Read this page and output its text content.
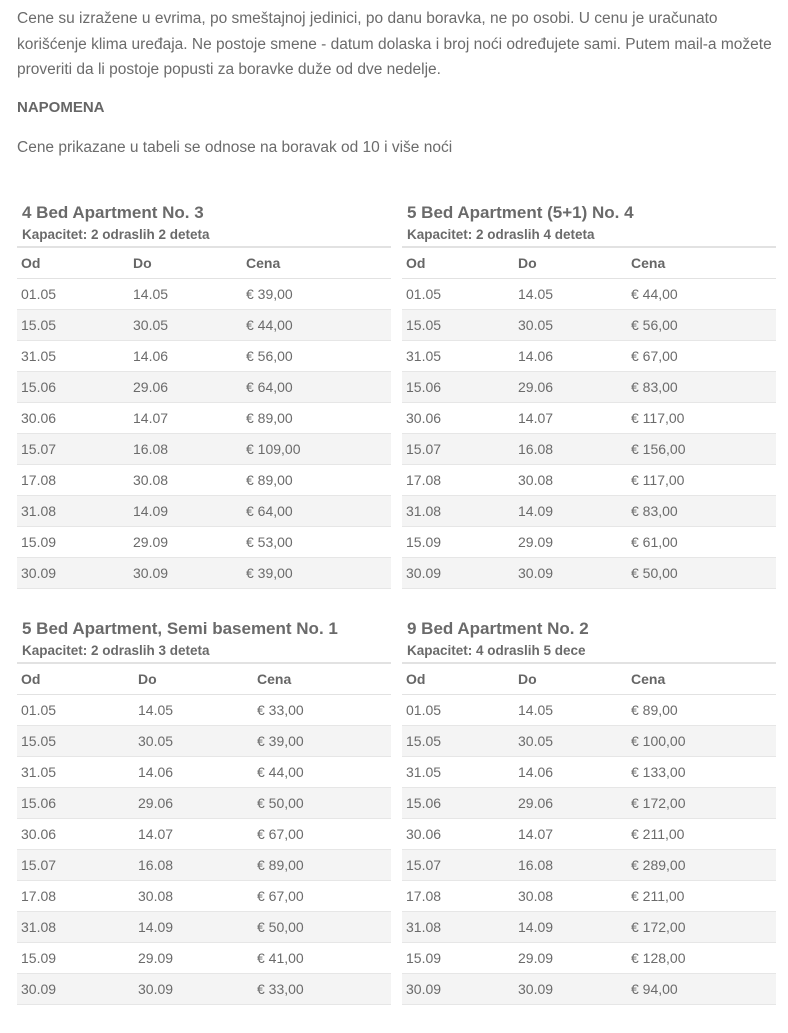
Cene su izražene u evrima, po smeštajnoj jedinici, po danu boravka, ne po osobi. U cenu je uračunato korišćenje klima uređaja. Ne postoje smene - datum dolaska i broj noći određujete sami. Putem mail-a možete proveriti da li postoje popusti za boravke duže od dve nedelje.

NAPOMENA

Cene prikazane u tabeli se odnose na boravak od 10 i više noći

4 Bed Apartment No. 3
Kapacitet: 2 odraslih 2 deteta
Od	Do	Cena
01.05	14.05	€ 39,00
15.05	30.05	€ 44,00
31.05	14.06	€ 56,00
15.06	29.06	€ 64,00
30.06	14.07	€ 89,00
15.07	16.08	€ 109,00
17.08	30.08	€ 89,00
31.08	14.09	€ 64,00
15.09	29.09	€ 53,00
30.09	30.09	€ 39,00
5 Bed Apartment (5+1) No. 4
Kapacitet: 2 odraslih 4 deteta
Od	Do	Cena
01.05	14.05	€ 44,00
15.05	30.05	€ 56,00
31.05	14.06	€ 67,00
15.06	29.06	€ 83,00
30.06	14.07	€ 117,00
15.07	16.08	€ 156,00
17.08	30.08	€ 117,00
31.08	14.09	€ 83,00
15.09	29.09	€ 61,00
30.09	30.09	€ 50,00
5 Bed Apartment, Semi basement No. 1
Kapacitet: 2 odraslih 3 deteta
Od	Do	Cena
01.05	14.05	€ 33,00
15.05	30.05	€ 39,00
31.05	14.06	€ 44,00
15.06	29.06	€ 50,00
30.06	14.07	€ 67,00
15.07	16.08	€ 89,00
17.08	30.08	€ 67,00
31.08	14.09	€ 50,00
15.09	29.09	€ 41,00
30.09	30.09	€ 33,00
9 Bed Apartment No. 2
Kapacitet: 4 odraslih 5 dece
Od	Do	Cena
01.05	14.05	€ 89,00
15.05	30.05	€ 100,00
31.05	14.06	€ 133,00
15.06	29.06	€ 172,00
30.06	14.07	€ 211,00
15.07	16.08	€ 289,00
17.08	30.08	€ 211,00
31.08	14.09	€ 172,00
15.09	29.09	€ 128,00
30.09	30.09	€ 94,00
